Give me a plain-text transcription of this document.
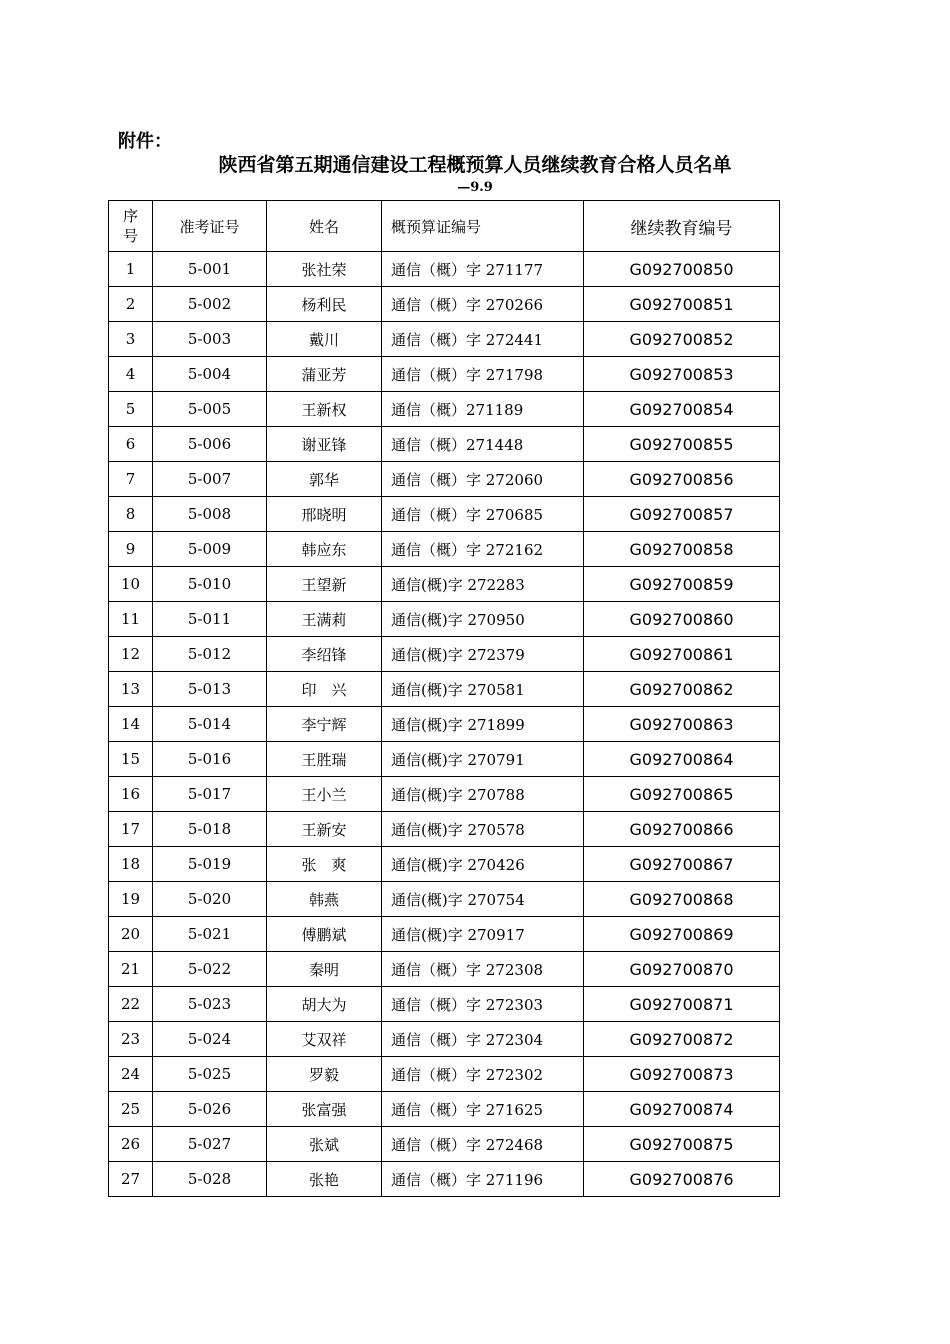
附件：
陕西省第五期通信建设工程概预算人员继续教育合格人员名单
—9.9
序
号	准考证号	姓名	概预算证编号	继续教育编号
1	5-001	张社荣	通信（概）字 271177	G092700850
2	5-002	杨利民	通信（概）字 270266	G092700851
3	5-003	戴川	通信（概）字 272441	G092700852
4	5-004	蒲亚芳	通信（概）字 271798	G092700853
5	5-005	王新权	通信（概）271189	G092700854
6	5-006	谢亚锋	通信（概）271448	G092700855
7	5-007	郭华	通信（概）字 272060	G092700856
8	5-008	邢晓明	通信（概）字 270685	G092700857
9	5-009	韩应东	通信（概）字 272162	G092700858
10	5-010	王望新	通信(概)字 272283	G092700859
11	5-011	王满莉	通信(概)字 270950	G092700860
12	5-012	李绍锋	通信(概)字 272379	G092700861
13	5-013	印　兴	通信(概)字 270581	G092700862
14	5-014	李宁辉	通信(概)字 271899	G092700863
15	5-016	王胜瑞	通信(概)字 270791	G092700864
16	5-017	王小兰	通信(概)字 270788	G092700865
17	5-018	王新安	通信(概)字 270578	G092700866
18	5-019	张　爽	通信(概)字 270426	G092700867
19	5-020	韩燕	通信(概)字 270754	G092700868
20	5-021	傅鹏斌	通信(概)字 270917	G092700869
21	5-022	秦明	通信（概）字 272308	G092700870
22	5-023	胡大为	通信（概）字 272303	G092700871
23	5-024	艾双祥	通信（概）字 272304	G092700872
24	5-025	罗毅	通信（概）字 272302	G092700873
25	5-026	张富强	通信（概）字 271625	G092700874
26	5-027	张斌	通信（概）字 272468	G092700875
27	5-028	张艳	通信（概）字 271196	G092700876
